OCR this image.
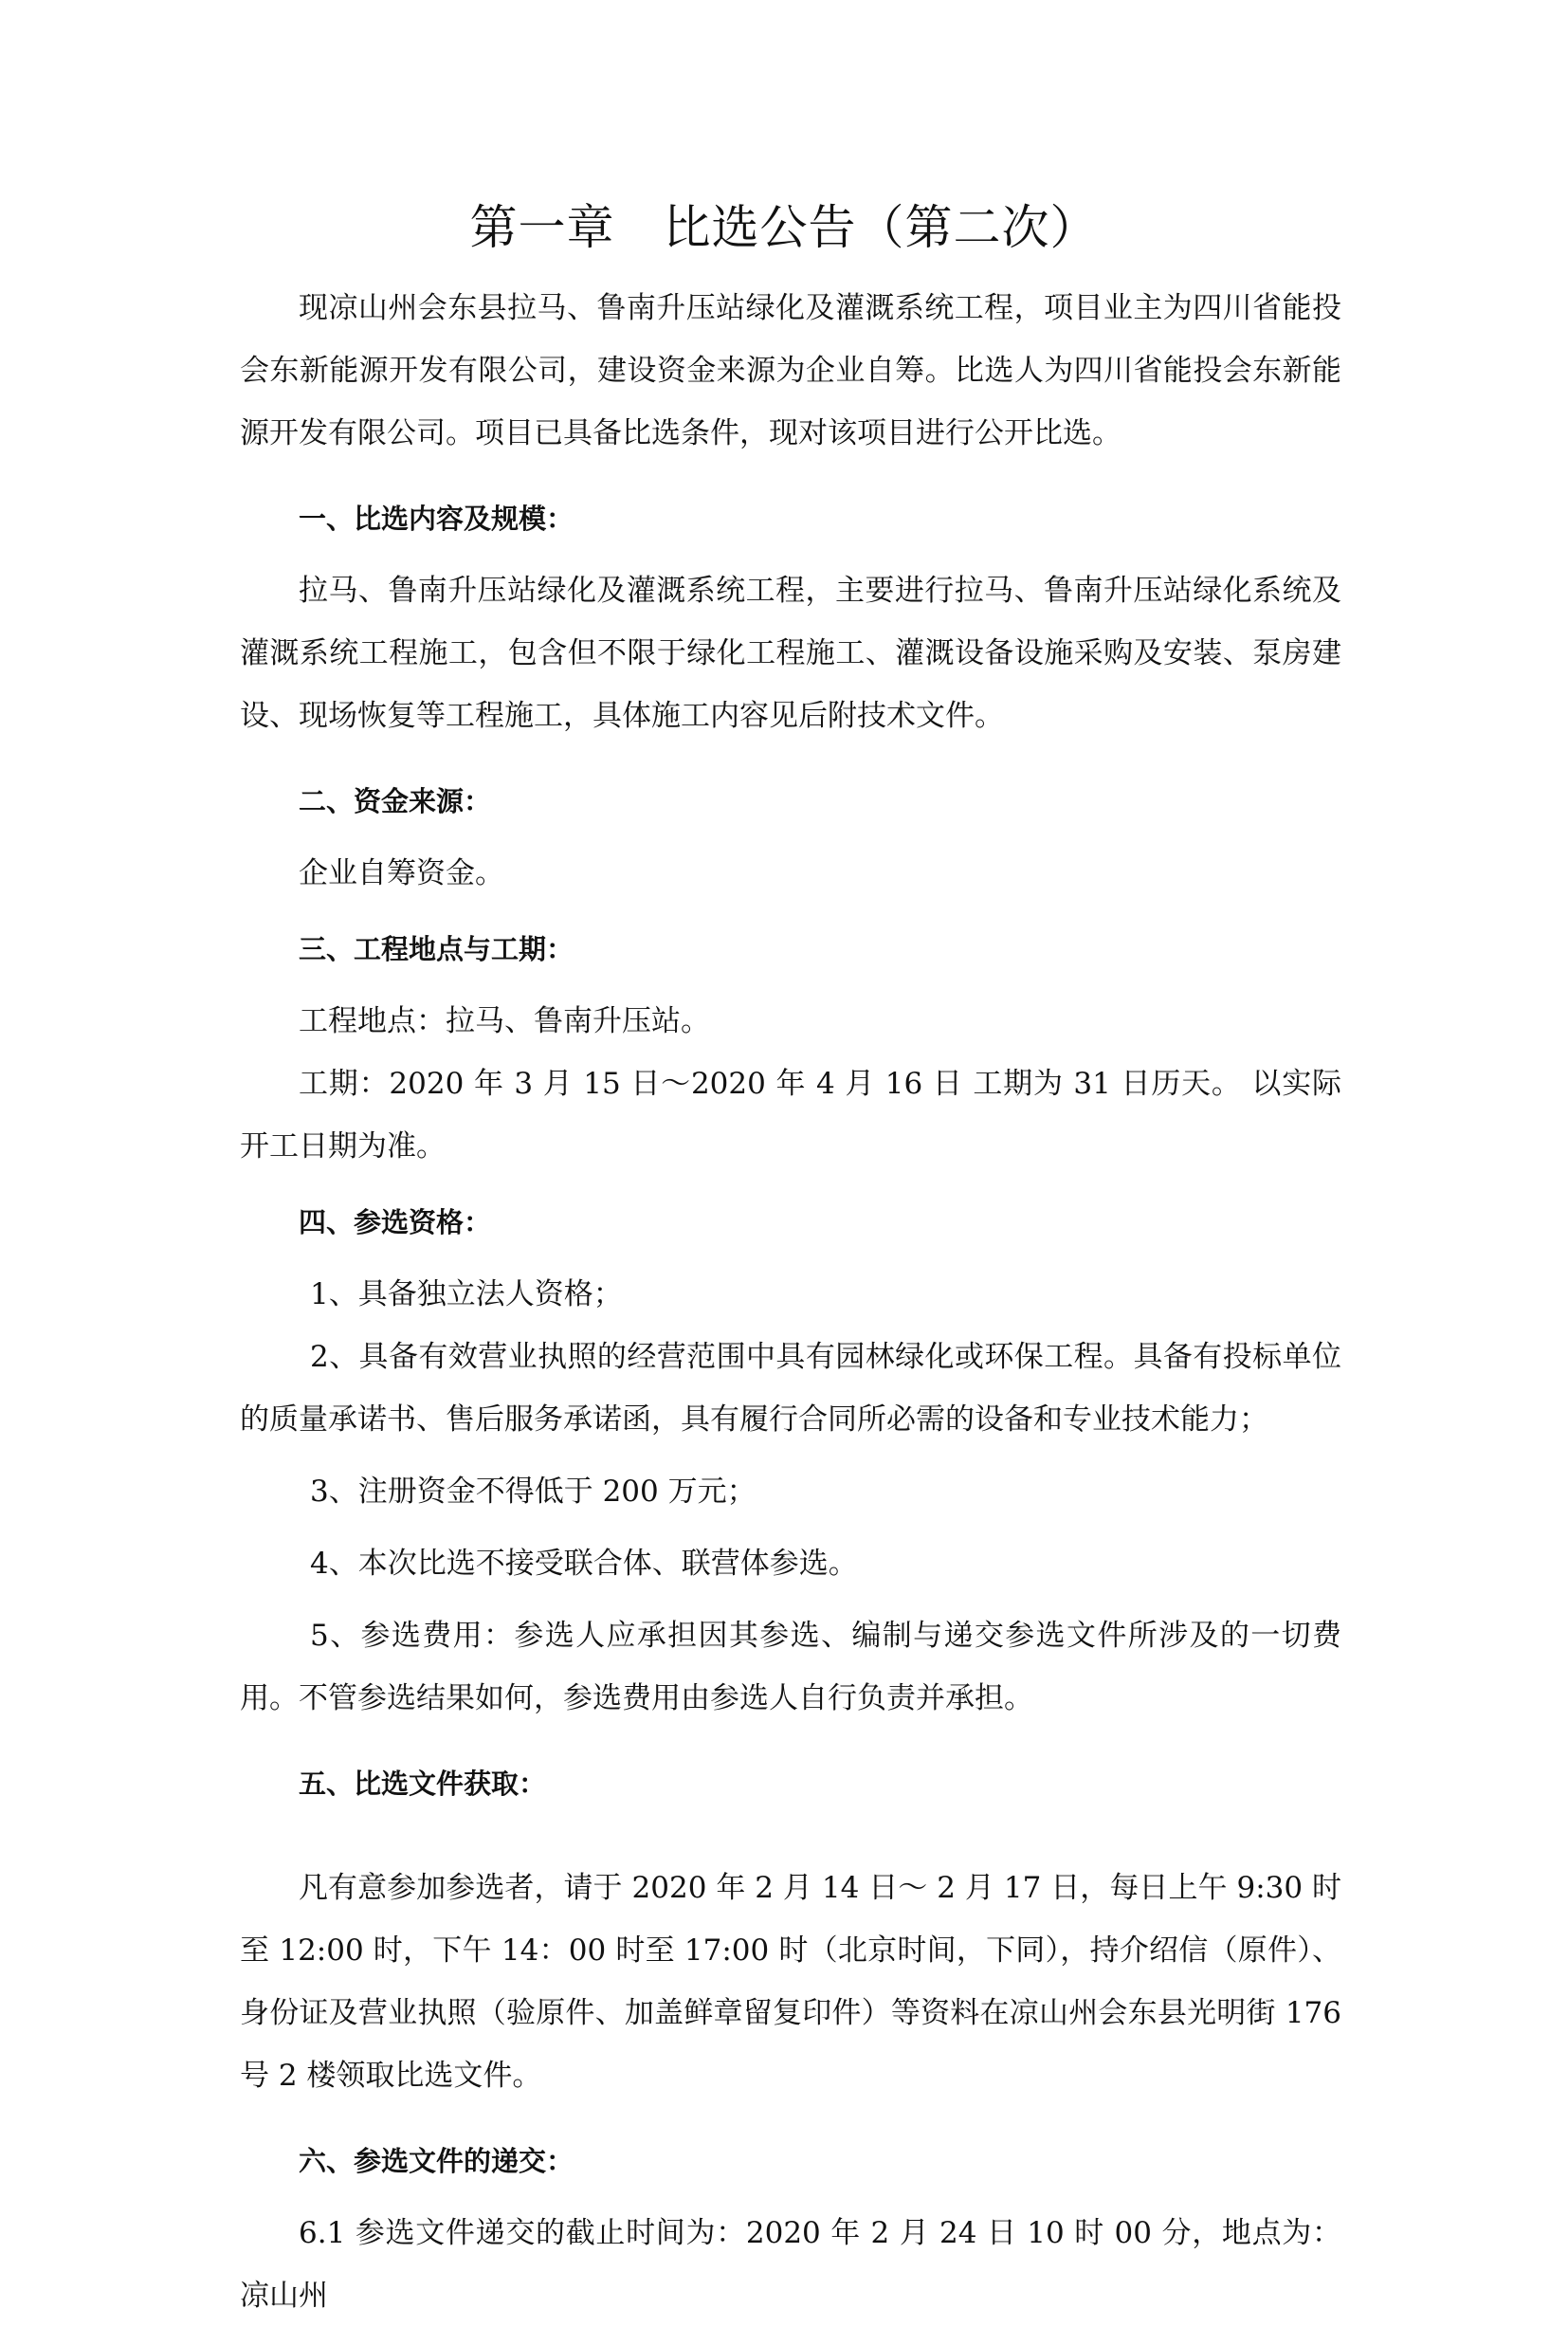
第一章　比选公告（第二次）

现凉山州会东县拉马、鲁南升压站绿化及灌溉系统工程，项目业主为四川省能投会东新能源开发有限公司，建设资金来源为企业自筹。比选人为四川省能投会东新能源开发有限公司。项目已具备比选条件，现对该项目进行公开比选。

一、比选内容及规模：

拉马、鲁南升压站绿化及灌溉系统工程，主要进行拉马、鲁南升压站绿化系统及灌溉系统工程施工，包含但不限于绿化工程施工、灌溉设备设施采购及安装、泵房建设、现场恢复等工程施工，具体施工内容见后附技术文件。

二、资金来源：

企业自筹资金。

三、工程地点与工期：

工程地点：拉马、鲁南升压站。

工期：2020 年 3 月 15 日～2020 年 4 月 16 日 工期为 31 日历天。 以实际开工日期为准。

四、参选资格：

1、具备独立法人资格；

2、具备有效营业执照的经营范围中具有园林绿化或环保工程。具备有投标单位的质量承诺书、售后服务承诺函，具有履行合同所必需的设备和专业技术能力；

3、注册资金不得低于 200 万元；

4、本次比选不接受联合体、联营体参选。

5、参选费用：参选人应承担因其参选、编制与递交参选文件所涉及的一切费用。不管参选结果如何，参选费用由参选人自行负责并承担。

五、比选文件获取：

凡有意参加参选者，请于 2020 年 2 月 14 日～ 2 月 17 日，每日上午 9:30 时至 12:00 时，下午 14：00 时至 17:00 时（北京时间，下同），持介绍信（原件）、身份证及营业执照（验原件、加盖鲜章留复印件）等资料在凉山州会东县光明街 176 号 2 楼领取比选文件。

六、参选文件的递交：

6.1 参选文件递交的截止时间为：2020 年 2 月 24 日 10 时 00 分，地点为：凉山州
